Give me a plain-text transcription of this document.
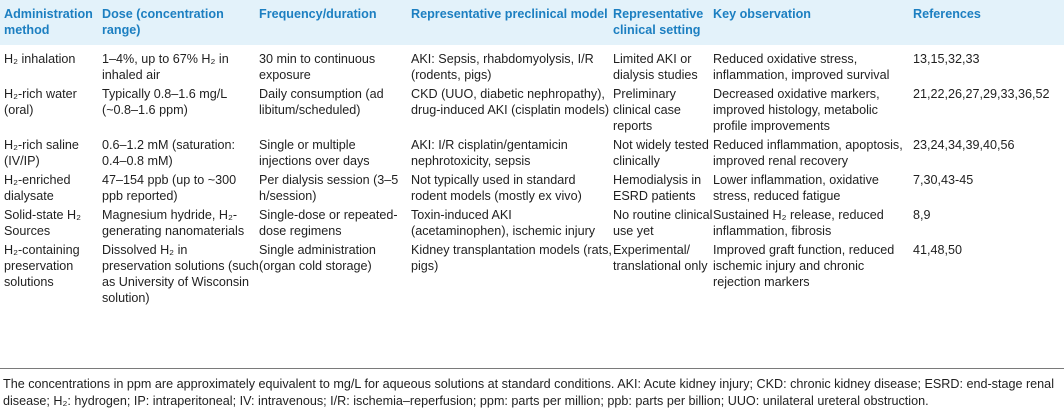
Administration method	Dose (concentration range)	Frequency/duration	Representative preclinical model	Representative clinical setting	Key observation	References
H₂ inhalation	1–4%, up to 67% H₂ in inhaled air	30 min to continuous exposure	AKI: Sepsis, rhabdomyolysis, I/R (rodents, pigs)	Limited AKI or dialysis studies	Reduced oxidative stress, inflammation, improved survival	13,15,32,33
H₂-rich water (oral)	Typically 0.8–1.6 mg/L (~0.8–1.6 ppm)	Daily consumption (ad libitum/scheduled)	CKD (UUO, diabetic nephropathy), drug-induced AKI (cisplatin models)	Preliminary clinical case reports	Decreased oxidative markers, improved histology, metabolic profile improvements	21,22,26,27,29,33,36,52
H₂-rich saline (IV/IP)	0.6–1.2 mM (saturation: 0.4–0.8 mM)	Single or multiple injections over days	AKI: I/R cisplatin/gentamicin nephrotoxicity, sepsis	Not widely tested clinically	Reduced inflammation, apoptosis, improved renal recovery	23,24,34,39,40,56
H₂-enriched dialysate	47–154 ppb (up to ~300 ppb reported)	Per dialysis session (3–5 h/session)	Not typically used in standard rodent models (mostly ex vivo)	Hemodialysis in ESRD patients	Lower inflammation, oxidative stress, reduced fatigue	7,30,43-45
Solid-state H₂ Sources	Magnesium hydride, H₂-generating nanomaterials	Single-dose or repeated-dose regimens	Toxin-induced AKI (acetaminophen), ischemic injury	No routine clinical use yet	Sustained H₂ release, reduced inflammation, fibrosis	8,9
H₂-containing preservation solutions	Dissolved H₂ in preservation solutions (such as University of Wisconsin solution)	Single administration (organ cold storage)	Kidney transplantation models (rats, pigs)	Experimental/ translational only	Improved graft function, reduced ischemic injury and chronic rejection markers	41,48,50
The concentrations in ppm are approximately equivalent to mg/L for aqueous solutions at standard conditions. AKI: Acute kidney injury; CKD: chronic kidney disease; ESRD: end-stage renal disease; H₂: hydrogen; IP: intraperitoneal; IV: intravenous; I/R: ischemia–reperfusion; ppm: parts per million; ppb: parts per billion; UUO: unilateral ureteral obstruction.
